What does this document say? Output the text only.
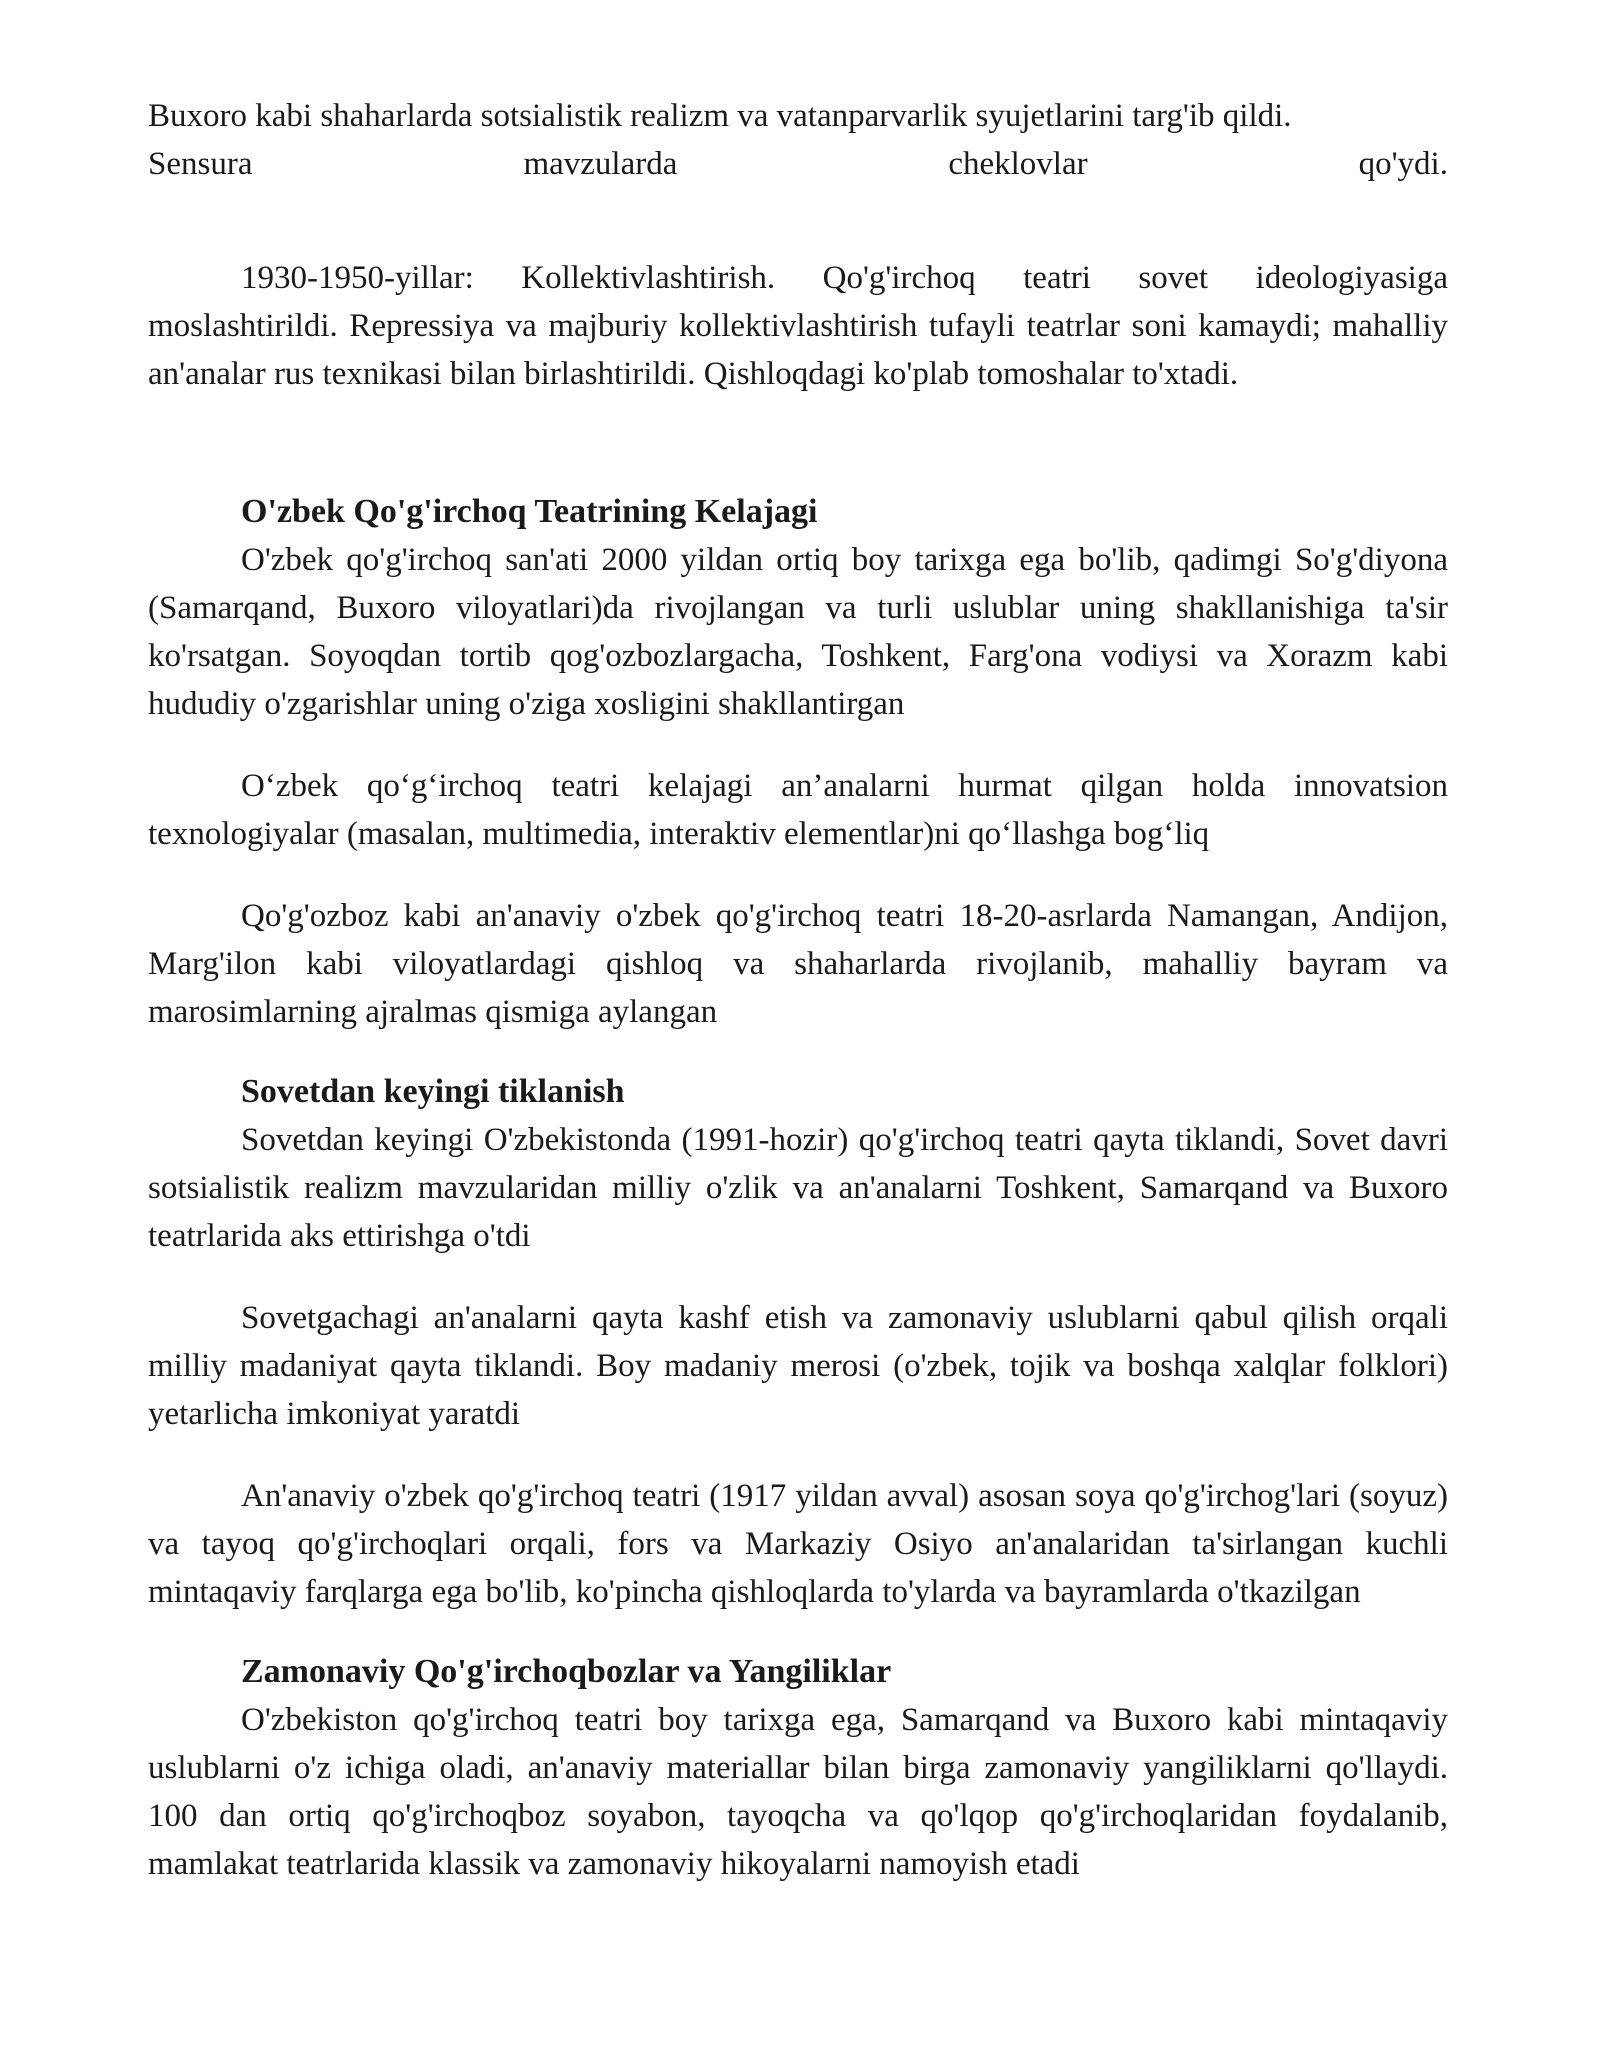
Buxoro kabi shaharlarda sotsialistik realizm va vatanparvarlik syujetlarini targ'ib qildi.

Sensura	mavzularda	cheklovlar	qo'ydi.

1930-1950-yillar: Kollektivlashtirish. Qo'g'irchoq teatri sovet ideologiyasiga moslashtirildi. Repressiya va majburiy kollektivlashtirish tufayli teatrlar soni kamaydi; mahalliy an'analar rus texnikasi bilan birlashtirildi. Qishloqdagi ko'plab tomoshalar to'xtadi.

O'zbek Qo'g'irchoq Teatrining Kelajagi

O'zbek qo'g'irchoq san'ati 2000 yildan ortiq boy tarixga ega bo'lib, qadimgi So'g'diyona (Samarqand, Buxoro viloyatlari)da rivojlangan va turli uslublar uning shakllanishiga ta'sir ko'rsatgan. Soyoqdan tortib qog'ozbozlargacha, Toshkent, Farg'ona vodiysi va Xorazm kabi hududiy o'zgarishlar uning o'ziga xosligini shakllantirgan

O‘zbek qo‘g‘irchoq teatri kelajagi an’analarni hurmat qilgan holda innovatsion texnologiyalar (masalan, multimedia, interaktiv elementlar)ni qo‘llashga bog‘liq

Qo'g'ozboz kabi an'anaviy o'zbek qo'g'irchoq teatri 18-20-asrlarda Namangan, Andijon, Marg'ilon kabi viloyatlardagi qishloq va shaharlarda rivojlanib, mahalliy bayram va marosimlarning ajralmas qismiga aylangan

Sovetdan keyingi tiklanish

Sovetdan keyingi O'zbekistonda (1991-hozir) qo'g'irchoq teatri qayta tiklandi, Sovet davri sotsialistik realizm mavzularidan milliy o'zlik va an'analarni Toshkent, Samarqand va Buxoro teatrlarida aks ettirishga o'tdi

Sovetgachagi an'analarni qayta kashf etish va zamonaviy uslublarni qabul qilish orqali milliy madaniyat qayta tiklandi. Boy madaniy merosi (o'zbek, tojik va boshqa xalqlar folklori) yetarlicha imkoniyat yaratdi

An'anaviy o'zbek qo'g'irchoq teatri (1917 yildan avval) asosan soya qo'g'irchog'lari (soyuz) va tayoq qo'g'irchoqlari orqali, fors va Markaziy Osiyo an'analaridan ta'sirlangan kuchli mintaqaviy farqlarga ega bo'lib, ko'pincha qishloqlarda to'ylarda va bayramlarda o'tkazilgan

Zamonaviy Qo'g'irchoqbozlar va Yangiliklar

O'zbekiston qo'g'irchoq teatri boy tarixga ega, Samarqand va Buxoro kabi mintaqaviy uslublarni o'z ichiga oladi, an'anaviy materiallar bilan birga zamonaviy yangiliklarni qo'llaydi. 100 dan ortiq qo'g'irchoqboz soyabon, tayoqcha va qo'lqop qo'g'irchoqlaridan foydalanib, mamlakat teatrlarida klassik va zamonaviy hikoyalarni namoyish etadi
